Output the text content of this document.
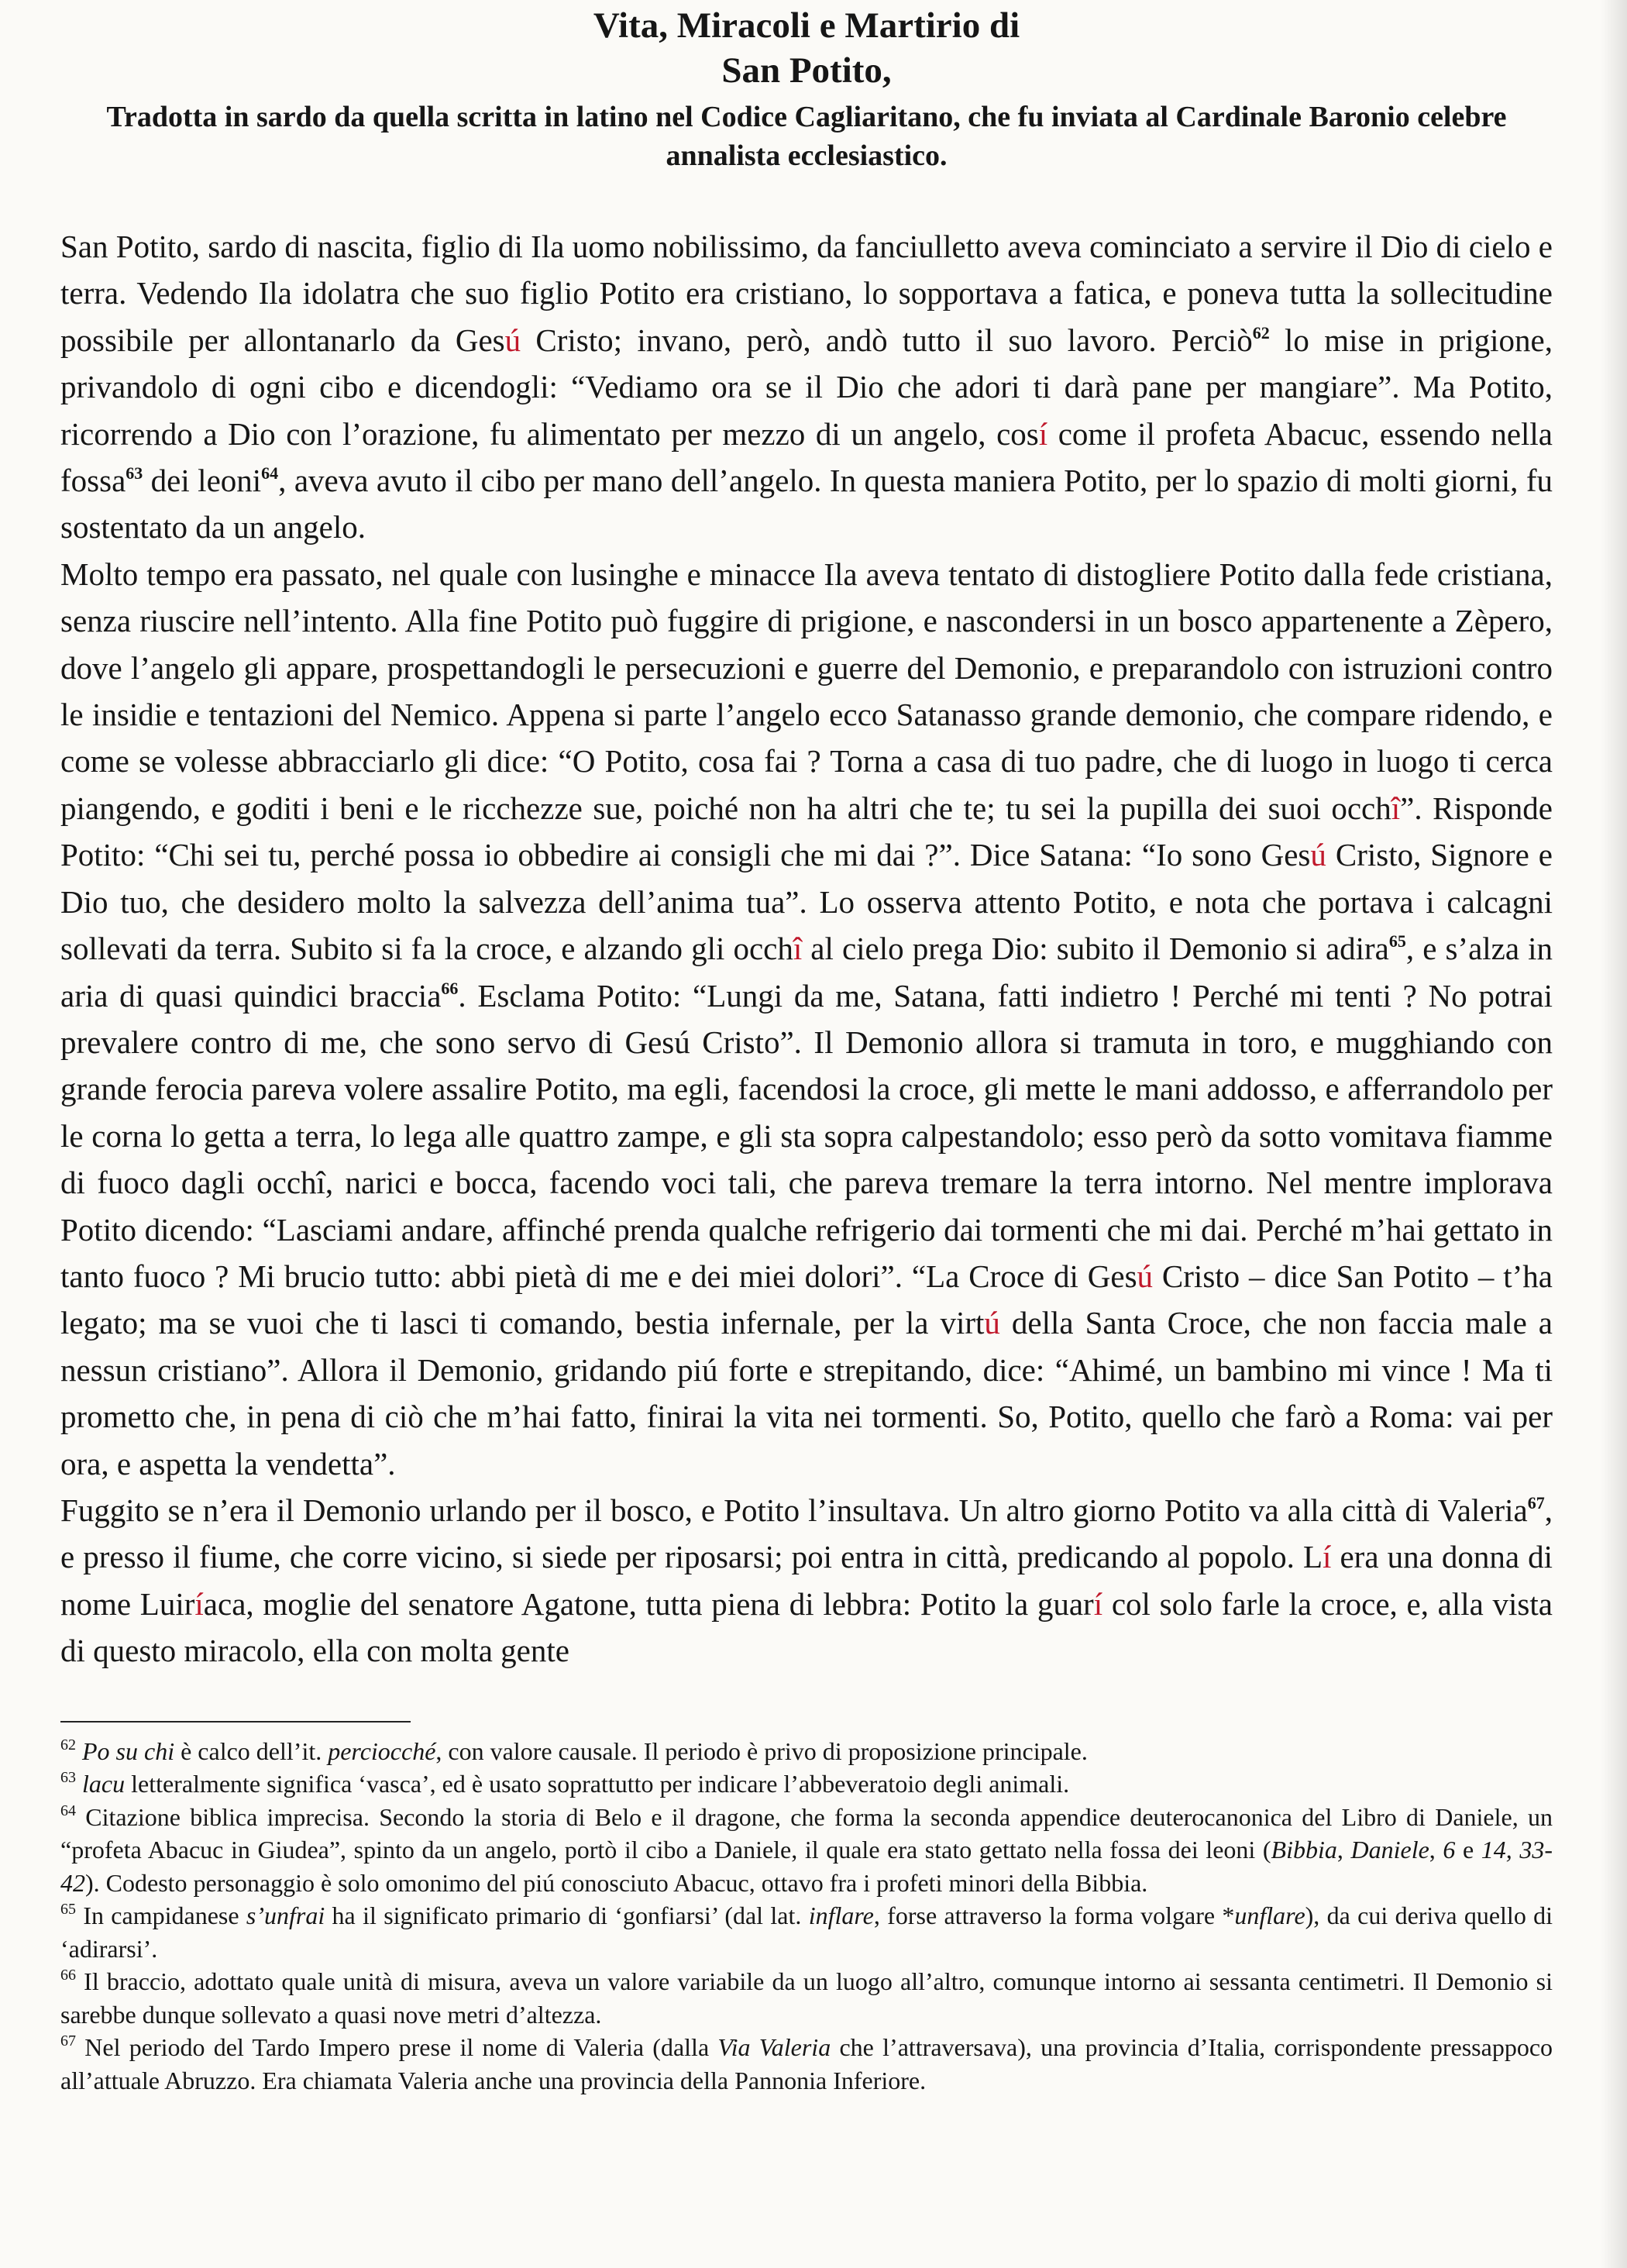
Vita, Miracoli e Martirio di

San Potito,

Tradotta in sardo da quella scritta in latino nel Codice Cagliaritano, che fu inviata al Cardinale Baronio celebre annalista ecclesiastico.

San Potito, sardo di nascita, figlio di Ila uomo nobilissimo, da fanciulletto aveva cominciato a servire il Dio di cielo e terra. Vedendo Ila idolatra che suo figlio Potito era cristiano, lo sopportava a fatica, e poneva tutta la sollecitudine possibile per allontanarlo da Gesú Cristo; invano, però, andò tutto il suo lavoro. Perciò$^{62}$ lo mise in prigione, privandolo di ogni cibo e dicendogli: “Vediamo ora se il Dio che adori ti darà pane per mangiare”. Ma Potito, ricorrendo a Dio con l’orazione, fu alimentato per mezzo di un angelo, cosí come il profeta Abacuc, essendo nella fossa$^{63}$ dei leoni$^{64}$, aveva avuto il cibo per mano dell’angelo. In questa maniera Potito, per lo spazio di molti giorni, fu sostentato da un angelo.

Molto tempo era passato, nel quale con lusinghe e minacce Ila aveva tentato di distogliere Potito dalla fede cristiana, senza riuscire nell’intento. Alla fine Potito può fuggire di prigione, e nascondersi in un bosco appartenente a Zèpero, dove l’angelo gli appare, prospettandogli le persecuzioni e guerre del Demonio, e preparandolo con istruzioni contro le insidie e tentazioni del Nemico. Appena si parte l’angelo ecco Satanasso grande demonio, che compare ridendo, e come se volesse abbracciarlo gli dice: “O Potito, cosa fai ? Torna a casa di tuo padre, che di luogo in luogo ti cerca piangendo, e goditi i beni e le ricchezze sue, poiché non ha altri che te; tu sei la pupilla dei suoi occhî”. Risponde Potito: “Chi sei tu, perché possa io obbedire ai consigli che mi dai ?”. Dice Satana: “Io sono Gesú Cristo, Signore e Dio tuo, che desidero molto la salvezza dell’anima tua”. Lo osserva attento Potito, e nota che portava i calcagni sollevati da terra. Subito si fa la croce, e alzando gli occhî al cielo prega Dio: subito il Demonio si adira$^{65}$, e s’alza in aria di quasi quindici braccia$^{66}$. Esclama Potito: “Lungi da me, Satana, fatti indietro ! Perché mi tenti ? No potrai prevalere contro di me, che sono servo di Gesú Cristo”. Il Demonio allora si tramuta in toro, e mugghiando con grande ferocia pareva volere assalire Potito, ma egli, facendosi la croce, gli mette le mani addosso, e afferrandolo per le corna lo getta a terra, lo lega alle quattro zampe, e gli sta sopra calpestandolo; esso però da sotto vomitava fiamme di fuoco dagli occhî, narici e bocca, facendo voci tali, che pareva tremare la terra intorno. Nel mentre implorava Potito dicendo: “Lasciami andare, affinché prenda qualche refrigerio dai tormenti che mi dai. Perché m’hai gettato in tanto fuoco ? Mi brucio tutto: abbi pietà di me e dei miei dolori”. “La Croce di Gesú Cristo – dice San Potito – t’ha legato; ma se vuoi che ti lasci ti comando, bestia infernale, per la virtú della Santa Croce, che non faccia male a nessun cristiano”. Allora il Demonio, gridando piú forte e strepitando, dice: “Ahimé, un bambino mi vince ! Ma ti prometto che, in pena di ciò che m’hai fatto, finirai la vita nei tormenti. So, Potito, quello che farò a Roma: vai per ora, e aspetta la vendetta”.

Fuggito se n’era il Demonio urlando per il bosco, e Potito l’insultava. Un altro giorno Potito va alla città di Valeria$^{67}$, e presso il fiume, che corre vicino, si siede per riposarsi; poi entra in città, predicando al popolo. Lí era una donna di nome Luiríaca, moglie del senatore Agatone, tutta piena di lebbra: Potito la guarí col solo farle la croce, e, alla vista di questo miracolo, ella con molta gente

$^{62}$ Po su chi è calco dell’it. perciocché, con valore causale. Il periodo è privo di proposizione principale.

$^{63}$ lacu letteralmente significa ‘vasca’, ed è usato soprattutto per indicare l’abbeveratoio degli animali.

$^{64}$ Citazione biblica imprecisa. Secondo la storia di Belo e il dragone, che forma la seconda appendice deuterocanonica del Libro di Daniele, un “profeta Abacuc in Giudea”, spinto da un angelo, portò il cibo a Daniele, il quale era stato gettato nella fossa dei leoni (Bibbia, Daniele, 6 e 14, 33-42). Codesto personaggio è solo omonimo del piú conosciuto Abacuc, ottavo fra i profeti minori della Bibbia.

$^{65}$ In campidanese s’unfrai ha il significato primario di ‘gonfiarsi’ (dal lat. inflare, forse attraverso la forma volgare *unflare), da cui deriva quello di ‘adirarsi’.

$^{66}$ Il braccio, adottato quale unità di misura, aveva un valore variabile da un luogo all’altro, comunque intorno ai sessanta centimetri. Il Demonio si sarebbe dunque sollevato a quasi nove metri d’altezza.

$^{67}$ Nel periodo del Tardo Impero prese il nome di Valeria (dalla Via Valeria che l’attraversava), una provincia d’Italia, corrispondente pressappoco all’attuale Abruzzo. Era chiamata Valeria anche una provincia della Pannonia Inferiore.
